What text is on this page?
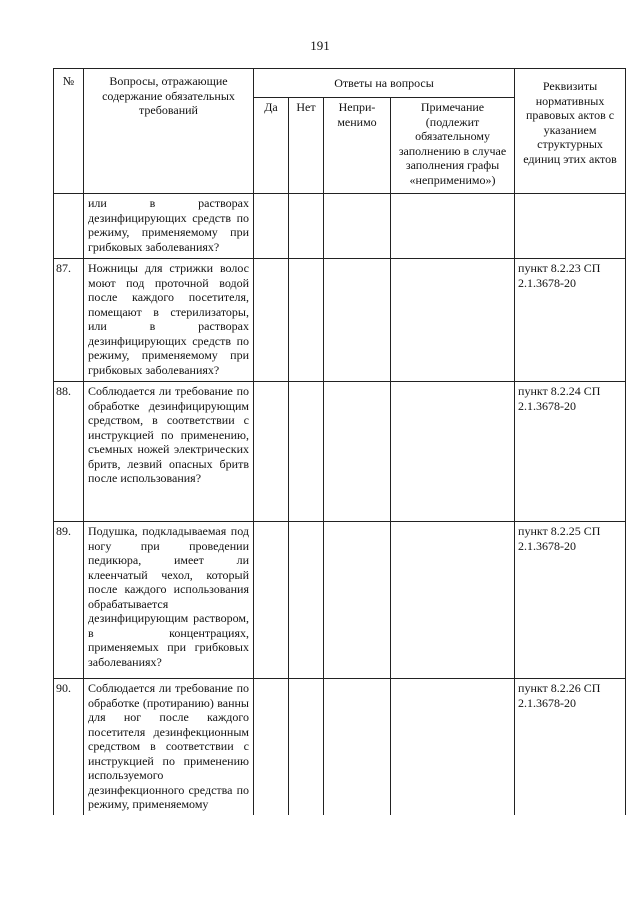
191
№	Вопросы, отражающие содержание обязательных требований	Ответы на вопросы				Реквизиты нормативных правовых актов с указанием структурных единиц этих актов
		Да	Нет	Непри-менимо	Примечание (подлежит обязательному заполнению в случае заполнения графы «неприменимо»)	
	или в растворах дезинфицирующих средств по режиму, применяемому при грибковых заболеваниях?					
87.	Ножницы для стрижки волос моют под проточной водой после каждого посетителя, помещают в стерилизаторы, или в растворах дезинфицирующих средств по режиму, применяемому при грибковых заболеваниях?					пункт 8.2.23 СП 2.1.3678-20
88.	Соблюдается ли требование по обработке дезинфицирующим средством, в соответствии с инструкцией по применению, съемных ножей электрических бритв, лезвий опасных бритв после использования?					пункт 8.2.24 СП 2.1.3678-20
89.	Подушка, подкладываемая под ногу при проведении педикюра, имеет ли клеенчатый чехол, который после каждого использования обрабатывается дезинфицирующим раствором, в концентрациях, применяемых при грибковых заболеваниях?					пункт 8.2.25 СП 2.1.3678-20
90.	Соблюдается ли требование по обработке (протиранию) ванны для ног после каждого посетителя дезинфекционным средством в соответствии с инструкцией по применению используемого дезинфекционного средства по режиму, применяемому					пункт 8.2.26 СП 2.1.3678-20
